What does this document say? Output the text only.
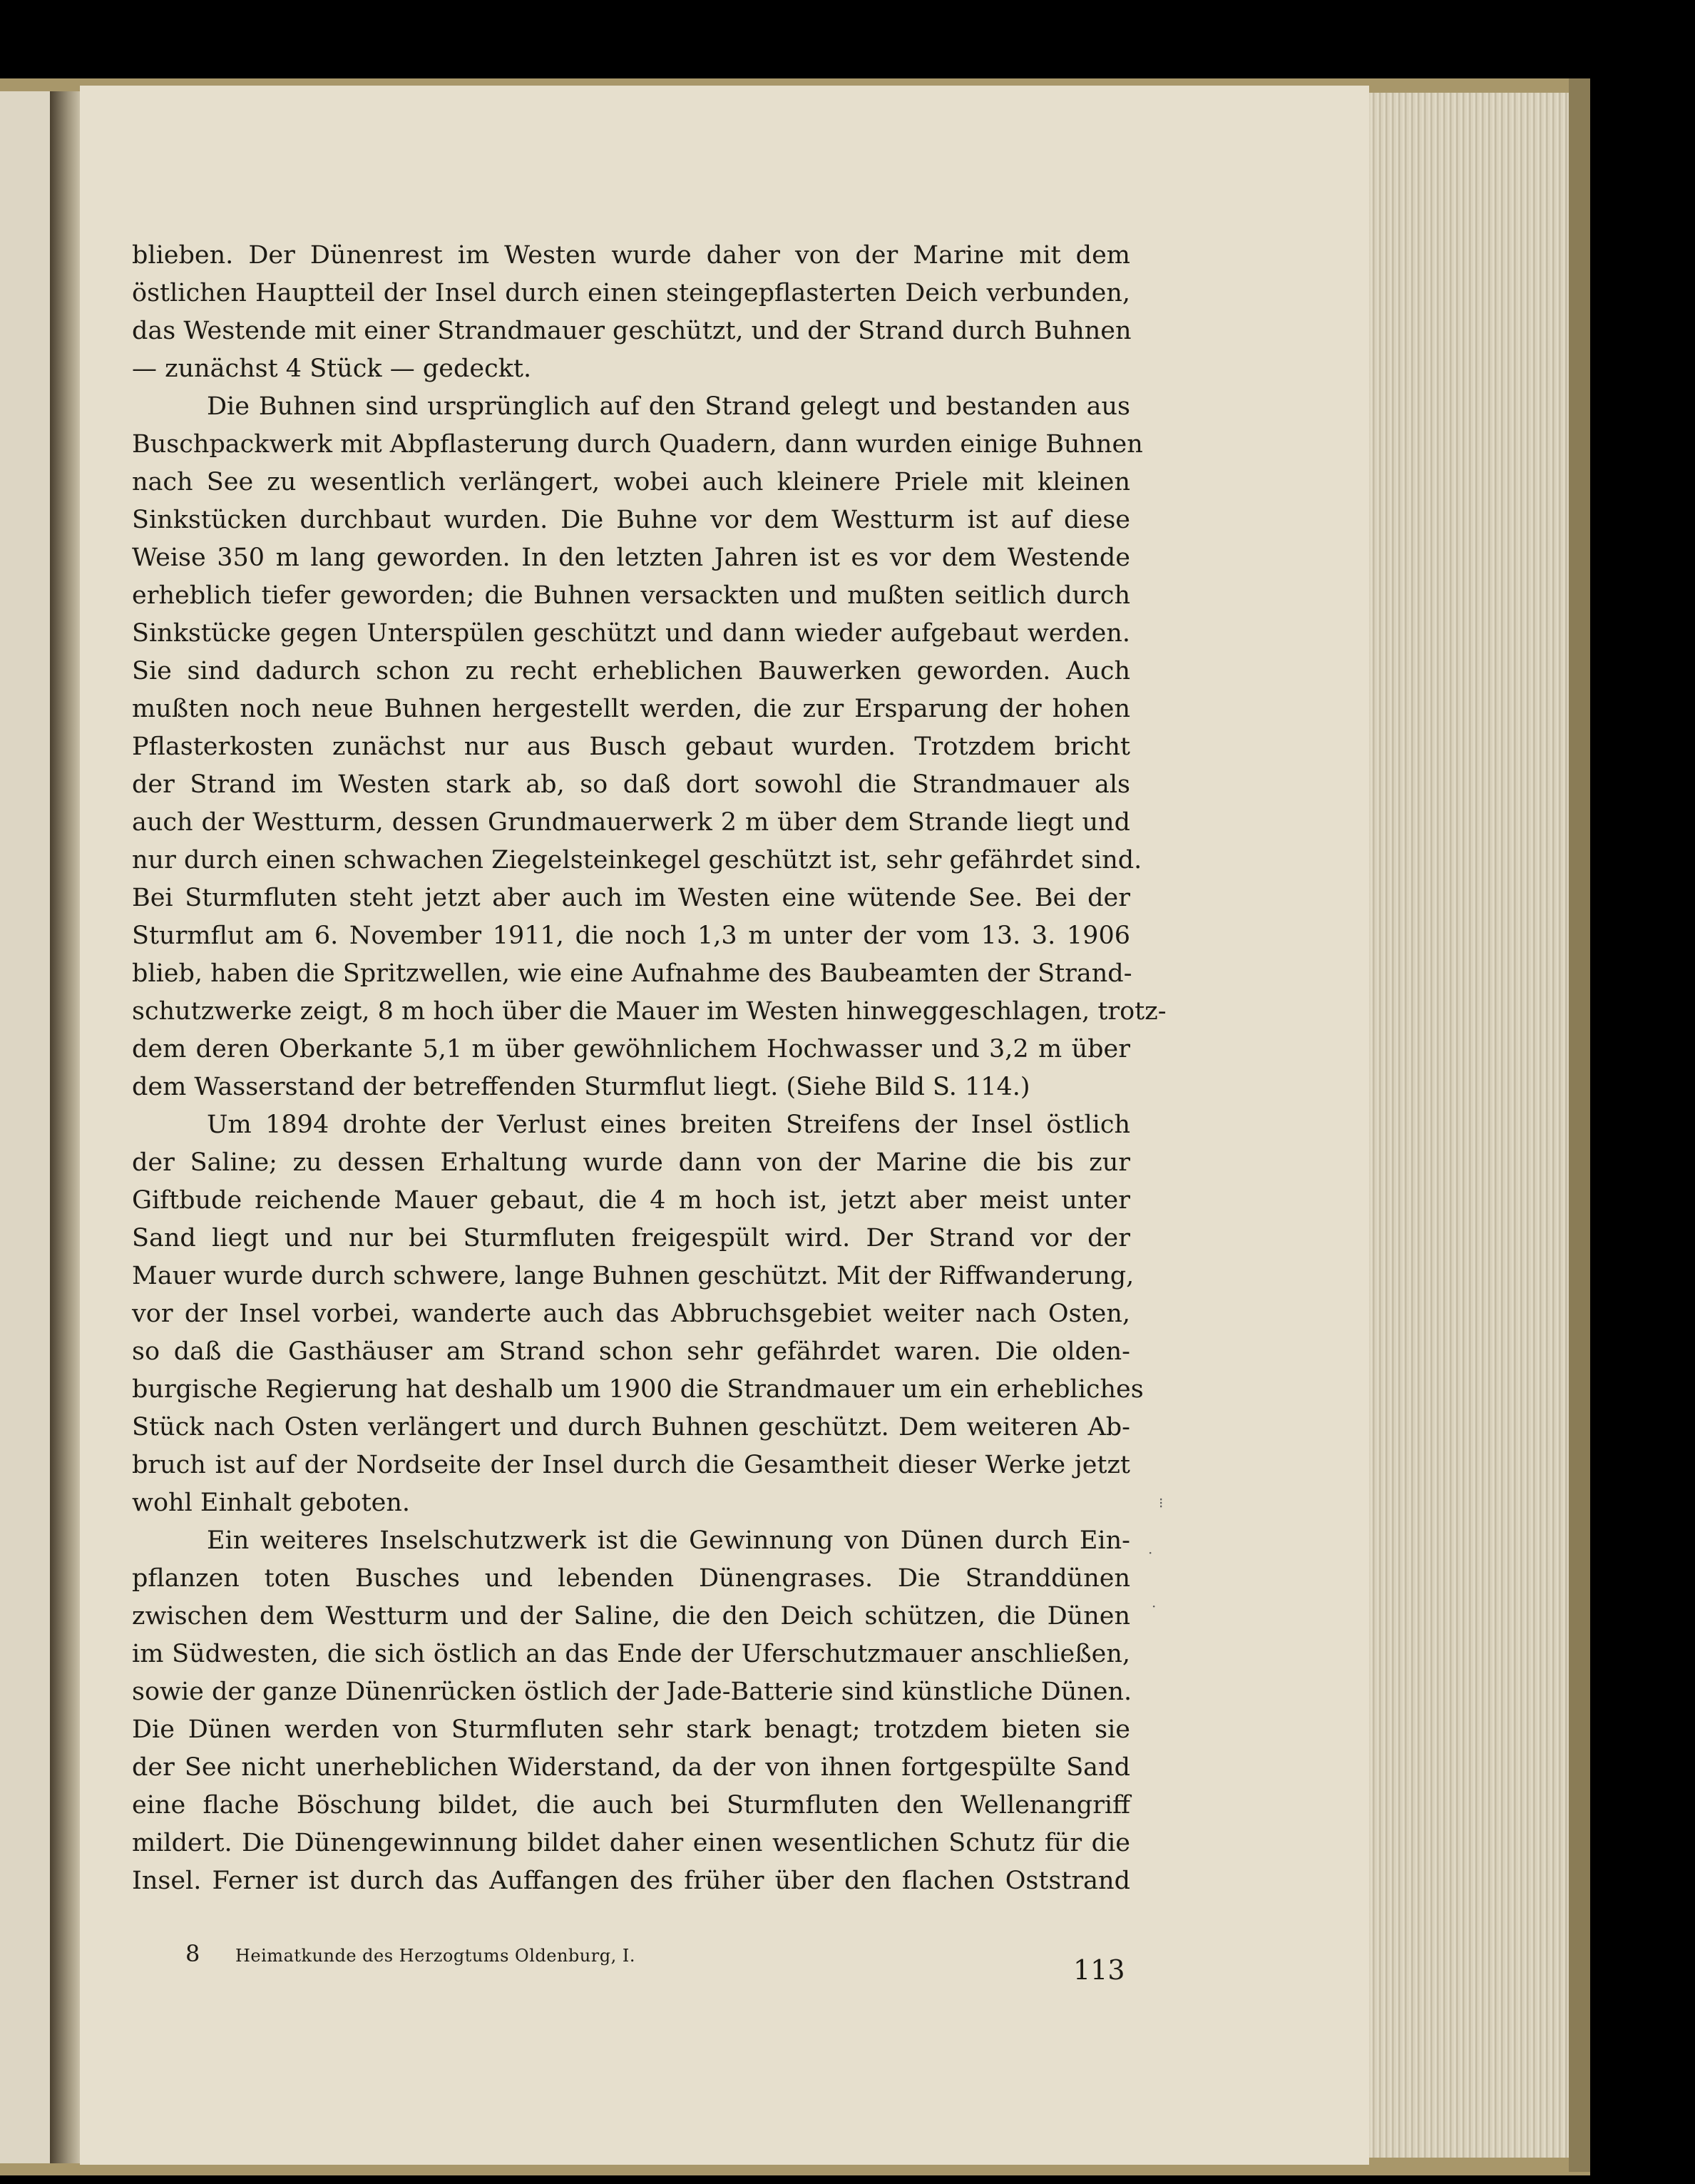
blieben. Der Dünenrest im Westen wurde daher von der Marine mit dem
östlichen Hauptteil der Insel durch einen steingepflasterten Deich verbunden,
das Westende mit einer Strandmauer geschützt, und der Strand durch Buhnen
— zunächst 4 Stück — gedeckt.
Die Buhnen sind ursprünglich auf den Strand gelegt und bestanden aus
Buschpackwerk mit Abpflasterung durch Quadern, dann wurden einige Buhnen
nach See zu wesentlich verlängert, wobei auch kleinere Priele mit kleinen
Sinkstücken durchbaut wurden. Die Buhne vor dem Westturm ist auf diese
Weise 350 m lang geworden. In den letzten Jahren ist es vor dem Westende
erheblich tiefer geworden; die Buhnen versackten und mußten seitlich durch
Sinkstücke gegen Unterspülen geschützt und dann wieder aufgebaut werden.
Sie sind dadurch schon zu recht erheblichen Bauwerken geworden. Auch
mußten noch neue Buhnen hergestellt werden, die zur Ersparung der hohen
Pflasterkosten zunächst nur aus Busch gebaut wurden. Trotzdem bricht
der Strand im Westen stark ab, so daß dort sowohl die Strandmauer als
auch der Westturm, dessen Grundmauerwerk 2 m über dem Strande liegt und
nur durch einen schwachen Ziegelsteinkegel geschützt ist, sehr gefährdet sind.
Bei Sturmfluten steht jetzt aber auch im Westen eine wütende See. Bei der
Sturmflut am 6. November 1911, die noch 1,3 m unter der vom 13. 3. 1906
blieb, haben die Spritzwellen, wie eine Aufnahme des Baubeamten der Strand-
schutzwerke zeigt, 8 m hoch über die Mauer im Westen hinweggeschlagen, trotz-
dem deren Oberkante 5,1 m über gewöhnlichem Hochwasser und 3,2 m über
dem Wasserstand der betreffenden Sturmflut liegt. (Siehe Bild S. 114.)
Um 1894 drohte der Verlust eines breiten Streifens der Insel östlich
der Saline; zu dessen Erhaltung wurde dann von der Marine die bis zur
Giftbude reichende Mauer gebaut, die 4 m hoch ist, jetzt aber meist unter
Sand liegt und nur bei Sturmfluten freigespült wird. Der Strand vor der
Mauer wurde durch schwere, lange Buhnen geschützt. Mit der Riffwanderung,
vor der Insel vorbei, wanderte auch das Abbruchsgebiet weiter nach Osten,
so daß die Gasthäuser am Strand schon sehr gefährdet waren. Die olden-
burgische Regierung hat deshalb um 1900 die Strandmauer um ein erhebliches
Stück nach Osten verlängert und durch Buhnen geschützt. Dem weiteren Ab-
bruch ist auf der Nordseite der Insel durch die Gesamtheit dieser Werke jetzt
wohl Einhalt geboten.
Ein weiteres Inselschutzwerk ist die Gewinnung von Dünen durch Ein-
pflanzen toten Busches und lebenden Dünengrases. Die Stranddünen
zwischen dem Westturm und der Saline, die den Deich schützen, die Dünen
im Südwesten, die sich östlich an das Ende der Uferschutzmauer anschließen,
sowie der ganze Dünenrücken östlich der Jade-Batterie sind künstliche Dünen.
Die Dünen werden von Sturmfluten sehr stark benagt; trotzdem bieten sie
der See nicht unerheblichen Widerstand, da der von ihnen fortgespülte Sand
eine flache Böschung bildet, die auch bei Sturmfluten den Wellenangriff
mildert. Die Dünengewinnung bildet daher einen wesentlichen Schutz für die
Insel. Ferner ist durch das Auffangen des früher über den flachen Oststrand
⁝
·
·
8 Heimatkunde des Herzogtums Oldenburg, I.	113
